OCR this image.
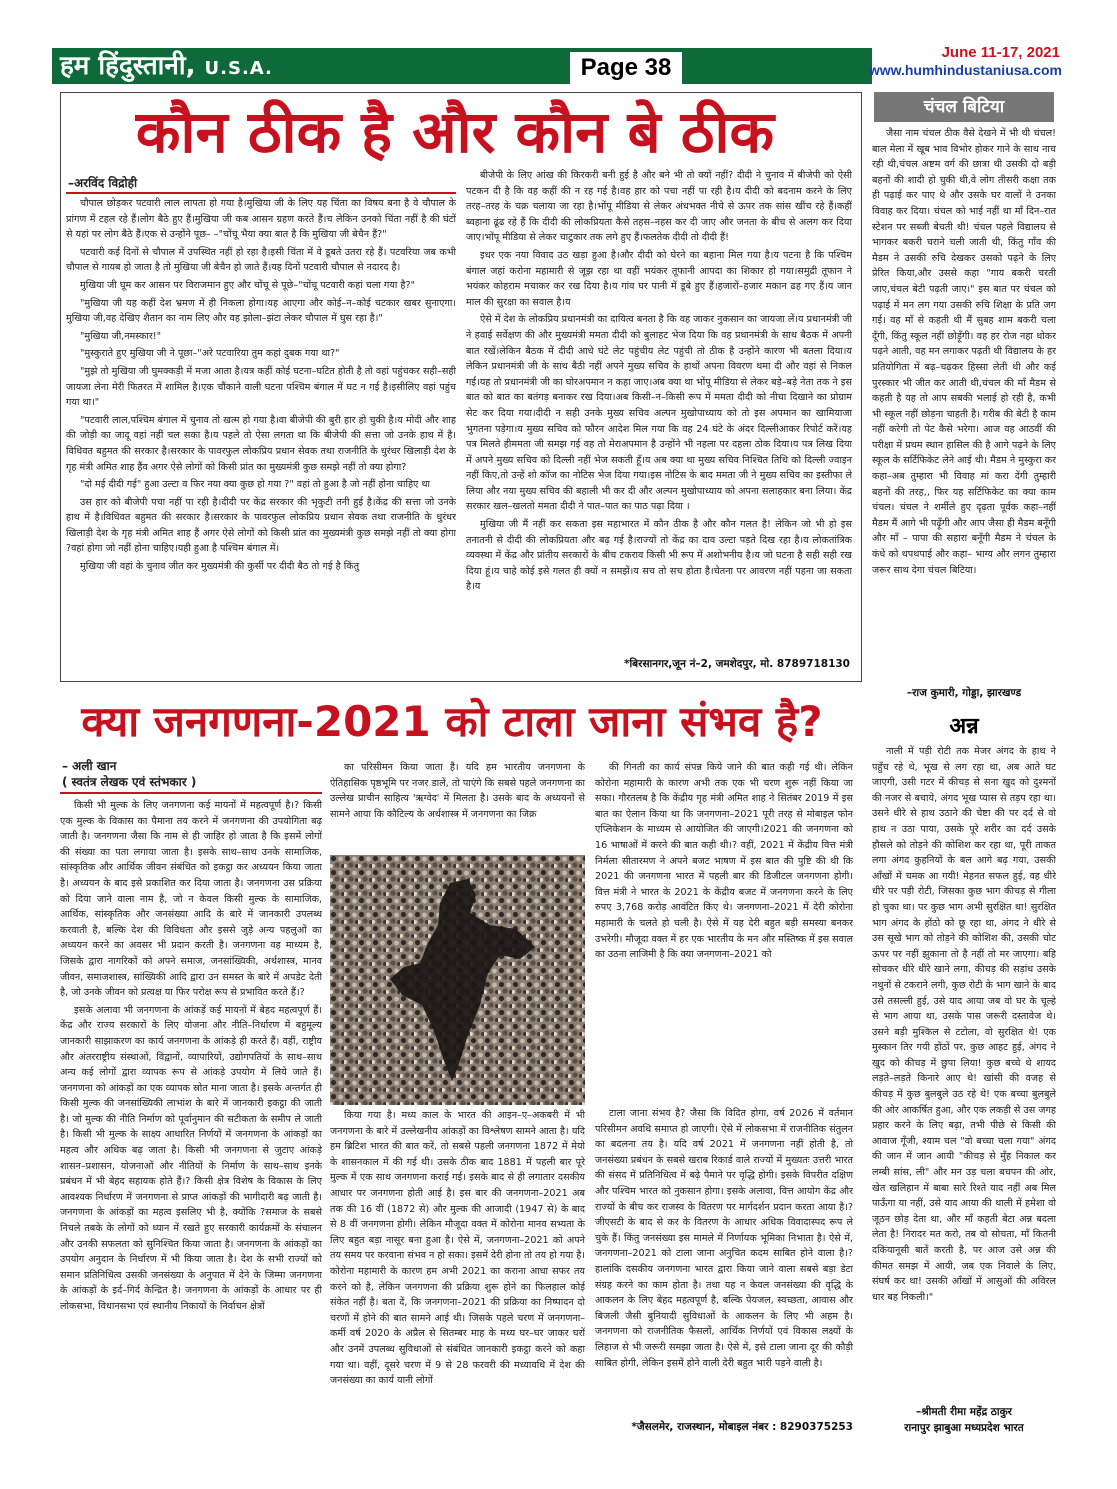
हम हिंदुस्तानी, U.S.A.	Page 38
June 11-17, 2021
www.humhindustaniusa.com
कौन ठीक है और कौन बे ठीक
–अरविंद विद्रोही

चौपाल छोड़कर पटवारी लाल लापता हो गया है।मुखिया जी के लिए यह चिंता का विषय बना है वे चौपाल के प्रांगण में टहल रहे हैं।लोग बैठे हुए हैं।मुखिया जी कब आसन ग्रहण करते हैं।च लेकिन उनको चिंता नहीं है की घंटों से यहां पर लोग बैठे हैं।एक से उन्होंने पूछ– –"चोंचू भैया क्या बात है कि मुखिया जी बेचैन हैं?"

पटवारी कई दिनों से चौपाल में उपस्थित नहीं हो रहा है।इसी चिंता में वे डूबते उतरा रहे हैं। पटवरिया जब कभी चौपाल से गायब हो जाता है तो मुखिया जी बेचैन हो जाते हैं।यह दिनों पटवारी चौपाल से नदारद है।

मुखिया जी घूम कर आसन पर विराजमान हुए और चोंचू से पूछे–"चोंचू पटवारी कहां चला गया है?"

"मुखिया जी यह कहीं देश भ्रमण में ही निकला होगा।यह आएगा और कोई–न–कोई चटकार खबर सुनाएगा। मुखिया जी,वह देखिए शैतान का नाम लिए और वह झोला–झंटा लेकर चौपाल में घुस रहा है।"

"मुखिया जी,नमस्कार!"

"मुस्कुराते हुए मुखिया जी ने पूछा–"अरे पटवारिया तुम कहां दुबक गया था?"

"मुझे तो मुखिया जी घुमक्कड़ी में मजा आता है।यत्र कहीं कोई घटना–घटित होती है तो वहां पहुंचकर सही–सही जायजा लेना मेरी फितरत में शामिल है।एक चौंकाने वाली घटना पश्चिम बंगाल में घट न गई है।इसीलिए वहां पहुंच गया था।"

"पटवारी लाल,पश्चिम बंगाल में चुनाव तो खत्म हो गया है।वा बीजेपी की बुरी हार हो चुकी है।य मोदी और शाह की जोड़ी का जादू वहां नहीं चल सका है।य पहले तो ऐसा लगता था कि बीजेपी की सत्ता जो उनके हाथ में है।विधिवत बहुमत की सरकार है।सरकार के पावरफुल लोकप्रिय प्रधान सेवक तथा राजनीति के धुरंधर खिलाड़ी देश के गृह मंत्री अमित शाह हैंव अगर ऐसे लोगों को किसी प्रांत का मुख्यमंत्री कुछ समझे नहीं तो क्या होगा?

"दो मई दीदी गई" हुआ उल्टा व फिर नया क्या कुछ हो गया ?" वहां तो हुआ है जो नहीं होना चाहिए था

उस हार को बीजेपी पचा नहीं पा रही है।दीदी पर केंद्र सरकार की भृकुटी तनी हुई है।केंद्र की सत्ता जो उनके हाथ में है।विधिवत बहुमत की सरकार है।सरकार के पावरफुल लोकप्रिय प्रधान सेवक तथा राजनीति के धुरंधर खिलाड़ी देश के गृह मंत्री अमित शाह हैं अगर ऐसे लोगों को किसी प्रांत का मुख्यमंत्री कुछ समझे नहीं तो क्या होगा ?वहां होगा जो नहीं होना चाहिए।यही हुआ है पश्चिम बंगाल में।

मुखिया जी वहां के चुनाव जीत कर मुख्यमंत्री की कुर्सी पर दीदी बैठ तो गई है किंतु

बीजेपी के लिए आंख की किरकरी बनी हुई है और बने भी तो क्यों नहीं? दीदी ने चुनाव में बीजेपी को ऐसी पटकन दी है कि वह कहीं की न रह गई है।वह हार को पचा नहीं पा रही है।य दीदी को बदनाम करने के लिए तरह–तरह के चक्र चलाया जा रहा है।भोंपू मीडिया से लेकर अंधभक्त नीचे से ऊपर तक सांस खींच रहे हैं।कहीं ब्वहाना ढूंढ रहे हैं कि दीदी की लोकप्रियता कैसे तहस–नहस कर दी जाए और जनता के बीच से अलग कर दिया जाए।भोंपू मीडिया से लेकर चाटुकार तक लगे हुए हैं।फलतेक दीदी तो दीदी हैं!

इधर एक नया विवाद उठ खड़ा हुआ है।और दीदी को घेरने का बहाना मिल गया है।य पटना है कि पश्चिम बंगाल जहां करोना महामारी से जूझ रहा था वहीं भयंकर तूफानी आपदा का शिकार हो गया।समुद्री तूफान ने भयंकर कोहराम मचाकर कर रख दिया है।य गांव घर पानी में डूबे हुए हैं।हजारों–हजार मकान ढह गए हैं।य जान माल की सुरक्षा का सवाल है।य

ऐसे में देश के लोकप्रिय प्रधानमंत्री का दायित्व बनता है कि वह जाकर नुकसान का जायजा लें।य प्रधानमंत्री जी ने हवाई सर्वेक्षण की और मुख्यमंत्री ममता दीदी को बुलाहट भेज दिया कि वह प्रधानमंत्री के साथ बैठक में अपनी बात रखें।लेकिन बैठक में दीदी आधे घंटे लेट पहुंचीय लेट पहुंची तो ठीक है उन्होंने कारण भी बतला दिया।य लेकिन प्रधानमंत्री जी के साथ बैठी नहीं अपने मुख्य सचिव के हाथों अपना विवरण थमा दी और वहां से निकल गई।यह तो प्रधानमंत्री जी का घोरअपमान न कहा जाए।अब क्या था भोंपू मीडिया से लेकर बड़े–बड़े नेता तक ने इस बात को बात का बतंगड़ बनाकर रख दिया।अब किसी–न–किसी रूप में ममता दीदी को नीचा दिखाने का प्रोग्राम सेट कर दिया गया।दीदी न सही उनके मुख्य सचिव अल्पन मुखोपाध्याय को तो इस अपमान का खामियाजा भुगतना पड़ेगा।य मुख्य सचिव को फौरन आदेश मिल गया कि वह 24 घंटे के अंदर दिल्लीआकर रिपोर्ट करें।यह पत्र मिलते हीममता जी समझ गई वह तो मेराअपमान है उन्होंने भी नहला पर दहला ठोक दिया।य पत्र लिख दिया में अपने मुख्य सचिव को दिल्ली नहीं भेज सकती हूँ।य अब क्या था मुख्य सचिव निश्चित तिथि को दिल्ली ज्वाइन नहीं किए,तो उन्हें शो कॉज का नोटिस भेज दिया गया।इस नोटिस के बाद ममता जी ने मुख्य सचिव का इस्तीफा ले लिया और नया मुख्य सचिव की बहाली भी कर दी और अल्पन मुखोपाध्याय को अपना सलाहकार बना लिया। केंद्र सरकार खल–खलतो ममता दीदी ने पात–पात का पाठ पढ़ा दिया ।

मुखिया जी मैं नहीं कर सकता इस महाभारत में कौन ठीक है और कौन गलत है! लेकिन जो भी हो इस तनातनी से दीदी की लोकप्रियता और बढ़ गई है।राज्यों तो केंद्र का दाव उल्टा पड़ते दिख रहा है।य लोकतांत्रिक व्यवस्था में केंद्र और प्रांतीय सरकारों के बीच टकराव किसी भी रूप में अशोभनीय है।य जो घटना है सही सही रख दिया हूं।य चाहे कोई इसे गलत ही क्यों न समझें।य सच तो सच होता है।चेतना पर आवरण नहीं पहना जा सकता है।य

*बिरसानगर,जून नं–2, जमशेदपुर, मो. 8789718130
चंचल बिटिया

जैसा नाम चंचल ठीक वैसे देखने में भी थी चंचल! बाल मेला में खूब भाव विभोर होकर गाने के साथ नाच रही थी,चंचल अष्टम वर्ग की छात्रा थी उसकी दो बड़ी बहनों की शादी हो चुकी थी,वे लोग तीसरी कक्षा तक ही पढ़ाई कर पाए थे और उसके घर वालों ने उनका विवाह कर दिया। चंचल को भाई नहीं था माँ दिन–रात स्टेशन पर सब्जी बेचती थी! चंचल पहले विद्यालय से भागकर बकरी चराने चली जाती थी, किंतु गाँव की मैडम ने उसकी रुचि देखकर उसको पढ़ने के लिए प्रेरित किया,और उससे कहा "गाय बकरी चरती जाए,चंचल बेटी पढ़ती जाए।" इस बात पर चंचल को पढ़ाई में मन लग गया उसकी रुचि शिक्षा के प्रति जग गई। वह माँ से कहती थी मैं सुबह शाम बकरी चला दूँगी, किंतु स्कूल नहीं छोड़ूँगी। वह हर रोज नहा धोकर पढ़ने आती, वह मन लगाकर पढ़ती थी विद्यालय के हर प्रतियोगिता में बढ़–चढ़कर हिस्सा लेती थी और कई पुरस्कार भी जीत कर आती थी,चंचल की माँ मैडम से कहती है यह तो आप सबकी भलाई हो रही है, कभी भी स्कूल नहीं छोड़ना चाहती है। गरीब की बेटी है काम नहीं करेगी तो पेट कैसे भरेगा। आज वह आठवीं की परीक्षा में प्रथम स्थान हासिल की है आगे पढ़ने के लिए स्कूल के सर्टिफिकेट लेने आई थी। मैडम ने मुस्कुरा कर कहा–अब तुम्हारा भी विवाह मां करा देंगी तुम्हारी बहनों की तरह,, फिर यह सर्टिफिकेट का क्या काम चंचल। चंचल ने शर्मीले हुए दृढ़ता पूर्वक कहा–नहीं मैडम मैं आगे भी पढ़ूँगी और आप जैसा ही मैडम बनूँगी और माँ – पापा की सहारा बनूँगी मैडम ने चंचल के कंधे को थपथपाई और कहा– भाग्य और लगन तुम्हारा जरूर साथ देगा चंचल बिटिया।

–राज कुमारी, गोड्डा, झारखण्ड
अन्न

नाली में पड़ी रोटी तक मेजर अंगद के हाथ ने पहुँच रहे थे, भूख से लग रहा था, अब आते घट जाएगी, उसी गटर में कीचड़ से सना खुद को दुश्मनों की नजर से बचाये, अंगद भूख प्यास से तड़प रहा था। उसने धीरे से हाथ उठाने की चेष्टा की पर दर्द से वो हाथ न उठा पाया, उसके पूरे शरीर का दर्द उसके हौसले को तोड़ने की कोशिश कर रहा था, पूरी ताकत लगा अंगद कुहनियों के बल आगे बढ़ गया, उसकी आँखों में चमक आ गयी! मेहनत सफल हुई, वह धीरे धीरे पर पड़ी रोटी, जिसका कुछ भाग कीचड़ से गीला हो चुका था। पर कुछ भाग अभी सुरक्षित था! सुरक्षित भाग अंगद के होंठो को छू रहा था, अंगद ने धीरे से उस सूखे भाग को तोड़ने की कोशिश की, उसकी चोट ऊपर पर नहीं झुकाना तो है नहीं तो मर जाएगा। बहि सोचकर धीरे धीरे खाने लगा, कीचड़ की सड़ांध उसके नथुनों से टकराने लगी, कुछ रोटी के भाग खाने के बाद उसे तसल्ली हुई, उसे याद आया जब वो घर के चूल्हे से भाग आया था, उसके पास जरूरी दस्तावेज थे। उसने बड़ी मुश्किल से टटोला, वो सुरक्षित थे! एक मुस्कान तिर गयी होंठों पर, कुछ आहट हुई, अंगद ने खुद को कीचड़ में छुपा लिया! कुछ बच्चे थे शायद लड़ते–लड़ते किनारे आए थे! खांसी की वजह से कीचड़ में कुछ बुलबुले उठ रहे थे! एक बच्चा बुलबुले की ओर आकर्षित हुआ, और एक लकड़ी से उस जगह प्रहार करने के लिए बढ़ा, तभी पीछे से किसी की आवाज गूँजी, श्याम चल "वो बच्चा चला गया" अंगद की जान में जान आयी "कीचड़ से मुँह निकाल कर लम्बी सांस, ली" और मन उड़ चला बचपन की ओर, खेत खलिहान में बाबा सारे रिश्ते याद नहीं अब मिल पाऊँगा या नहीं, उसे याद आया की थाली में हमेशा वो जूठन छोड़ देता था, और माँ कहती बेटा अन्न बदला लेता है! निरादर मत करो, तब वो सोचता, माँ कितनी दकियानूसी बातें करती है, पर आज उसे अन्न की कीमत समझ में आयी, जब एक निवाले के लिए, संघर्ष कर था! उसकी आँखों में आसुओं की अविरल धार बह निकली।"

–श्रीमती रीमा महेंद्र ठाकुर
रानापुर झाबुआ मध्यप्रदेश भारत
क्या जनगणना-2021 को टाला जाना संभव है?
– अली खान
( स्वतंत्र लेखक एवं स्तंभकार )

किसी भी मुल्क के लिए जनगणना कई मायनों में महत्वपूर्ण है।? किसी एक मुल्क के विकास का पैमाना तय करने में जनगणना की उपयोगिता बढ़ जाती है। जनगणना जैसा कि नाम से ही जाहिर हो जाता है कि इसमें लोगों की संख्या का पता लगाया जाता है। इसके साथ–साथ उनके सामाजिक, सांस्कृतिक और आर्थिक जीवन संबंधित को इकट्ठा कर अध्ययन किया जाता है। अध्ययन के बाद इसे प्रकाशित कर दिया जाता है। जनगणना उस प्रक्रिया को दिया जाने वाला नाम है, जो न केवल किसी मुल्क के सामाजिक, आर्थिक, सांस्कृतिक और जनसंख्या आदि के बारे में जानकारी उपलब्ध करवाती है, बल्कि देश की विविधता और इससे जुड़े अन्य पहलुओं का अध्ययन करने का अवसर भी प्रदान करती है। जनगणना वह माध्यम है, जिसके द्वारा नागरिकों को अपने समाज, जनसांख्यिकी, अर्थशास्त्र, मानव जीवन, समाजशास्त्र, सांख्यिकी आदि द्वारा उन समस्त के बारे में अपडेट देती है, जो उनके जीवन को प्रत्यक्ष या फिर परोक्ष रूप से प्रभावित करते हैं।?

इसके अलावा भी जनगणना के आंकड़ें कई मायनों में बेहद महत्वपूर्ण हैं। केंद्र और राज्य सरकारों के लिए योजना और नीति–निर्धारण में बहुमूल्य जानकारी साझाकरण का कार्य जनगणना के आंकड़े ही करते हैं। वहीं, राष्ट्रीय और अंतरराष्ट्रीय संस्थाओं, विद्वानों, व्यापारियों, उद्योगपतियों के साथ–साथ अन्य कई लोगों द्वारा व्यापक रूप से आंकड़े उपयोग में लिये जाते हैं। जनगणना को आंकड़ों का एक व्यापक स्रोत माना जाता है। इसके अन्तर्गत ही किसी मुल्क की जनसांख्यिकी लाभांश के बारे में जानकारी इकट्ठा की जाती है। जो मुल्क की नीति निर्माण को पूर्वानुमान की सटीकता के समीप ले जाती है। किसी भी मुल्क के साक्ष्य आधारित निर्णयों में जनगणना के आंकड़ों का महत्व और अधिक बढ़ जाता है। किसी भी जनगणना से जुटाए आंकड़े शासन–प्रशासन, योजनाओं और नीतियों के निर्माण के साथ–साथ इनके प्रबंधन में भी बेहद सहायक होते हैं।? किसी क्षेत्र विशेष के विकास के लिए आवश्यक निर्धारण में जनगणना से प्राप्त आंकड़ों की भागीदारी बढ़ जाती है। जनगणना के आंकड़ों का महत्व इसलिए भी है, क्योंकि ?समाज के सबसे निचले तबके के लोगों को ध्यान में रखते हुए सरकारी कार्यक्रमों के संचालन और उनकी सफलता को सुनिश्चित किया जाता है। जनगणना के आंकड़ों का उपयोग अनुदान के निर्धारण में भी किया जाता है। देश के सभी राज्यों को समान प्रतिनिधित्व उसकी जनसंख्या के अनुपात में देने के जिम्मा जनगणना के आंकड़ों के इर्द–गिर्द केन्द्रित है। जनगणना के आंकड़ों के आधार पर ही लोकसभा, विधानसभा एवं स्थानीय निकायों के निर्वाचन क्षेत्रों

का परिसीमन किया जाता है। यदि हम भारतीय जनगणना के ऐतिहासिक पृष्ठभूमि पर नजर डालें, तो पाएंगे कि सबसे पहले जनगणना का उल्लेख प्राचीन साहित्य 'ऋग्वेद' में मिलता है। उसके बाद के अध्ययनों से सामने आया कि कौटिल्य के अर्थशास्त्र में जनगणना का जिक्र

किया गया है। मध्य काल के भारत की आइन–ए–अकबरी में भी जनगणना के बारे में उल्लेखनीय आंकड़ों का विश्लेषण सामने आता है। यदि हम ब्रिटिश भारत की बात करें, तो सबसे पहली जनगणना 1872 में मेयो के शासनकाल में की गई थी। उसके ठीक बाद 1881 में पहली बार पूरे मुल्क में एक साथ जनगणना कराई गई। इसके बाद से ही लगातार दसकीय आधार पर जनगणना होती आई है। इस बार की जनगणना–2021 अब तक की 16 वीं (1872 से) और मुल्क की आजादी (1947 से) के बाद से 8 वीं जनगणना होगी। लेकिन मौजूदा वक्त में कोरोना मानव सभ्यता के लिए बहुत बड़ा नासूर बना हुआ है। ऐसे में, जनगणना–2021 को अपने तय समय पर करवाना संभव न हो सका। इसमें देरी होना तो तय हो गया है। कोरोना महामारी के कारण हम अभी 2021 का कराना आधा सफर तय करने को है, लेकिन जनगणना की प्रक्रिया शुरू होने का फिलहाल कोई संकेत नहीं है। बता दें, कि जनगणना–2021 की प्रक्रिया का निष्पादन दो चरणों में होने की बात सामने आई थी। जिसके पहले चरण में जनगणना–कर्मी वर्ष 2020 के अप्रैल से सितम्बर माह के मध्य घर–घर जाकर घरों और उनमें उपलब्ध सुविधाओं से संबंधित जानकारी इकट्ठा करने को कहा गया था। वहीं, दूसरे चरण में 9 से 28 फरवरी की मध्यावधि में देश की जनसंख्या का कार्य यानी लोगों

की गिनती का कार्य संपन्न किये जाने की बात कही गई थी। लेकिन कोरोना महामारी के कारण अभी तक एक भी चरण शुरू नहीं किया जा सका। गौरतलब है कि केंद्रीय गृह मंत्री अमित शाह ने सितंबर 2019 में इस बात का ऐलान किया था कि जनगणना–2021 पूरी तरह से मोबाइल फोन एप्लिकेशन के माध्यम से आयोजित की जाएगी।2021 की जनगणना को 16 भाषाओं में करने की बात कही थी।? वहीं, 2021 में केंद्रीय वित्त मंत्री निर्मला सीतारमण ने अपने बजट भाषण में इस बात की पुष्टि की थी कि 2021 की जनगणना भारत में पहली बार की डिजीटल जनगणना होगी। वित्त मंत्री ने भारत के 2021 के केंद्रीय बजट में जनगणना करने के लिए रुपए 3,768 करोड़ आवंटित किए थे। जनगणना–2021 में देरी कोरोना महामारी के चलते हो चली है। ऐसे में यह देरी बहुत बड़ी समस्या बनकर उभरेगी। मौजूदा वक्त में हर एक भारतीय के मन और मस्तिष्क में इस सवाल का उठना लाजिमी है कि क्या जनगणना–2021 को

टाला जाना संभव है? जैसा कि विदित होगा, वर्ष 2026 में वर्तमान परिसीमन अवधि समाप्त हो जाएगी। ऐसे में लोकसभा में राजनीतिक संतुलन का बदलना तय है। यदि वर्ष 2021 में जनगणना नहीं होती है, तो जनसंख्या प्रबंधन के सबसे खराब रिकार्ड वाले राज्यों में मुख्यतः उत्तरी भारत की संसद में प्रतिनिधित्व में बढ़े पैमाने पर वृद्धि होगी। इसके विपरीत दक्षिण और पश्चिम भारत को नुकसान होगा। इसके अलावा, वित्त आयोग केंद्र और राज्यों के बीच कर राजस्व के वितरण पर मार्गदर्शन प्रदान करता आया है।? जीएसटी के बाद से कर के वितरण के आधार अधिक विवादास्पद रूप ले चुके हैं। किंतु जनसंख्या इस मामले में निर्णायक भूमिका निभाता है। ऐसे में, जनगणना–2021 को टाला जाना अनुचित कदम साबित होने वाला है।? हालांकि दसकीय जनगणना भारत द्वारा किया जाने वाला सबसे बड़ा डेटा संग्रह करने का काम होता है। तथा यह न केवल जनसंख्या की वृद्धि के आकलन के लिए बेहद महत्वपूर्ण है, बल्कि पेयजल, स्वच्छता, आवास और बिजली जैसी बुनियादी सुविधाओं के आकलन के लिए भी अहम है। जनगणना को राजनीतिक फैसलों, आर्थिक निर्णयों एवं विकास लक्ष्यों के लिहाज से भी जरूरी समझा जाता है। ऐसे में, इसे टाला जाना दूर की कौड़ी साबित होगी, लेकिन इसमें होने वाली देरी बहुत भारी पड़ने वाली है।

*जैसलमेर, राजस्थान, मोबाइल नंबर : 8290375253
